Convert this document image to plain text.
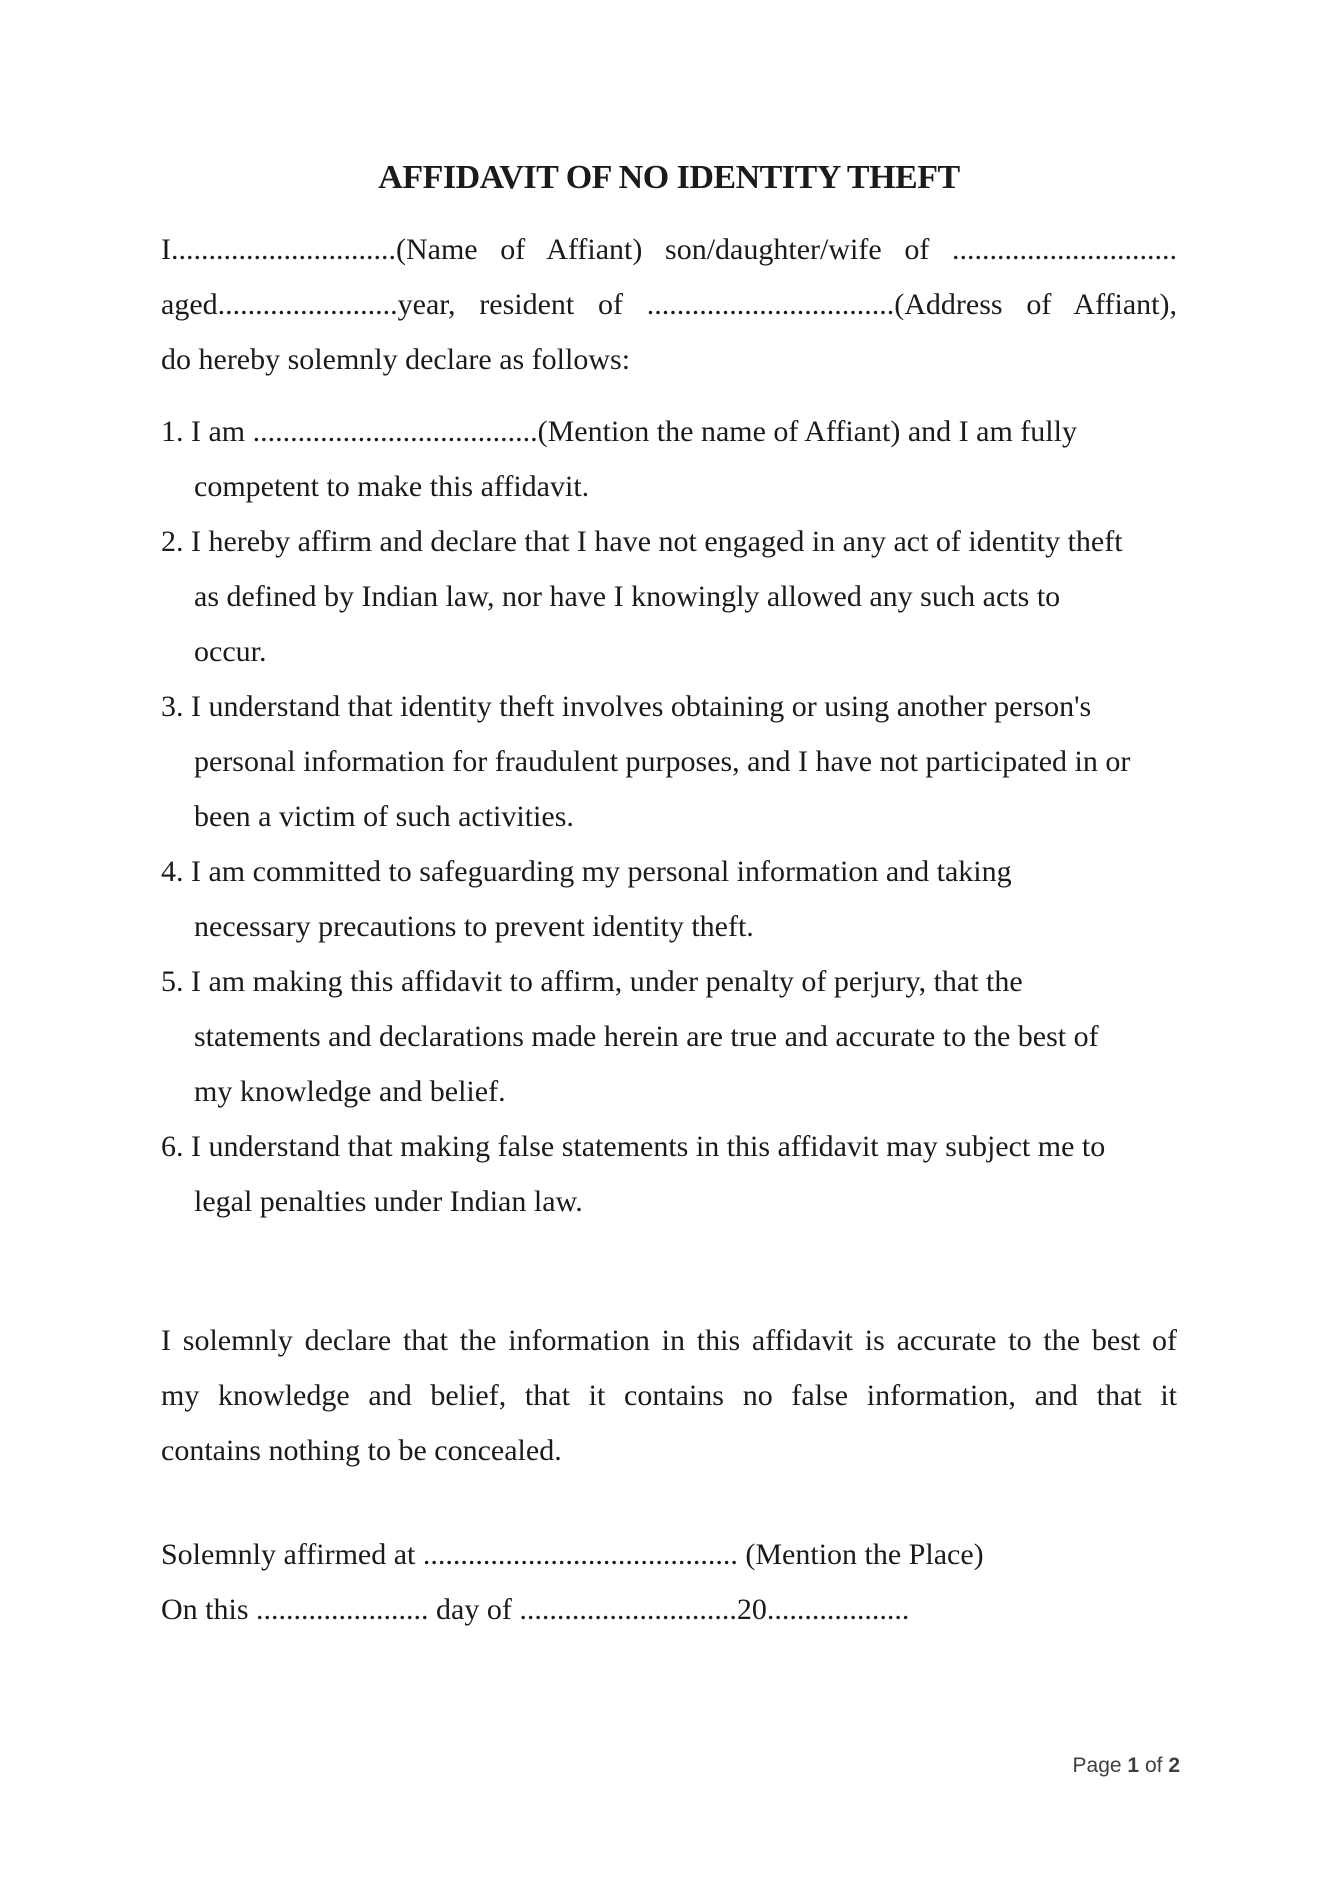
AFFIDAVIT OF NO IDENTITY THEFT
I..............................(Name of Affiant) son/daughter/wife of ..............................
aged........................year, resident of .................................(Address of Affiant),
do hereby solemnly declare as follows:
1. I am ......................................(Mention the name of Affiant) and I am fully
competent to make this affidavit.
2. I hereby affirm and declare that I have not engaged in any act of identity theft
as defined by Indian law, nor have I knowingly allowed any such acts to
occur.
3. I understand that identity theft involves obtaining or using another person's
personal information for fraudulent purposes, and I have not participated in or
been a victim of such activities.
4. I am committed to safeguarding my personal information and taking
necessary precautions to prevent identity theft.
5. I am making this affidavit to affirm, under penalty of perjury, that the
statements and declarations made herein are true and accurate to the best of
my knowledge and belief.
6. I understand that making false statements in this affidavit may subject me to
legal penalties under Indian law.
I solemnly declare that the information in this affidavit is accurate to the best of
my knowledge and belief, that it contains no false information, and that it
contains nothing to be concealed.
Solemnly affirmed at .......................................... (Mention the Place)
On this ....................... day of .............................20...................
Page 1 of 2
